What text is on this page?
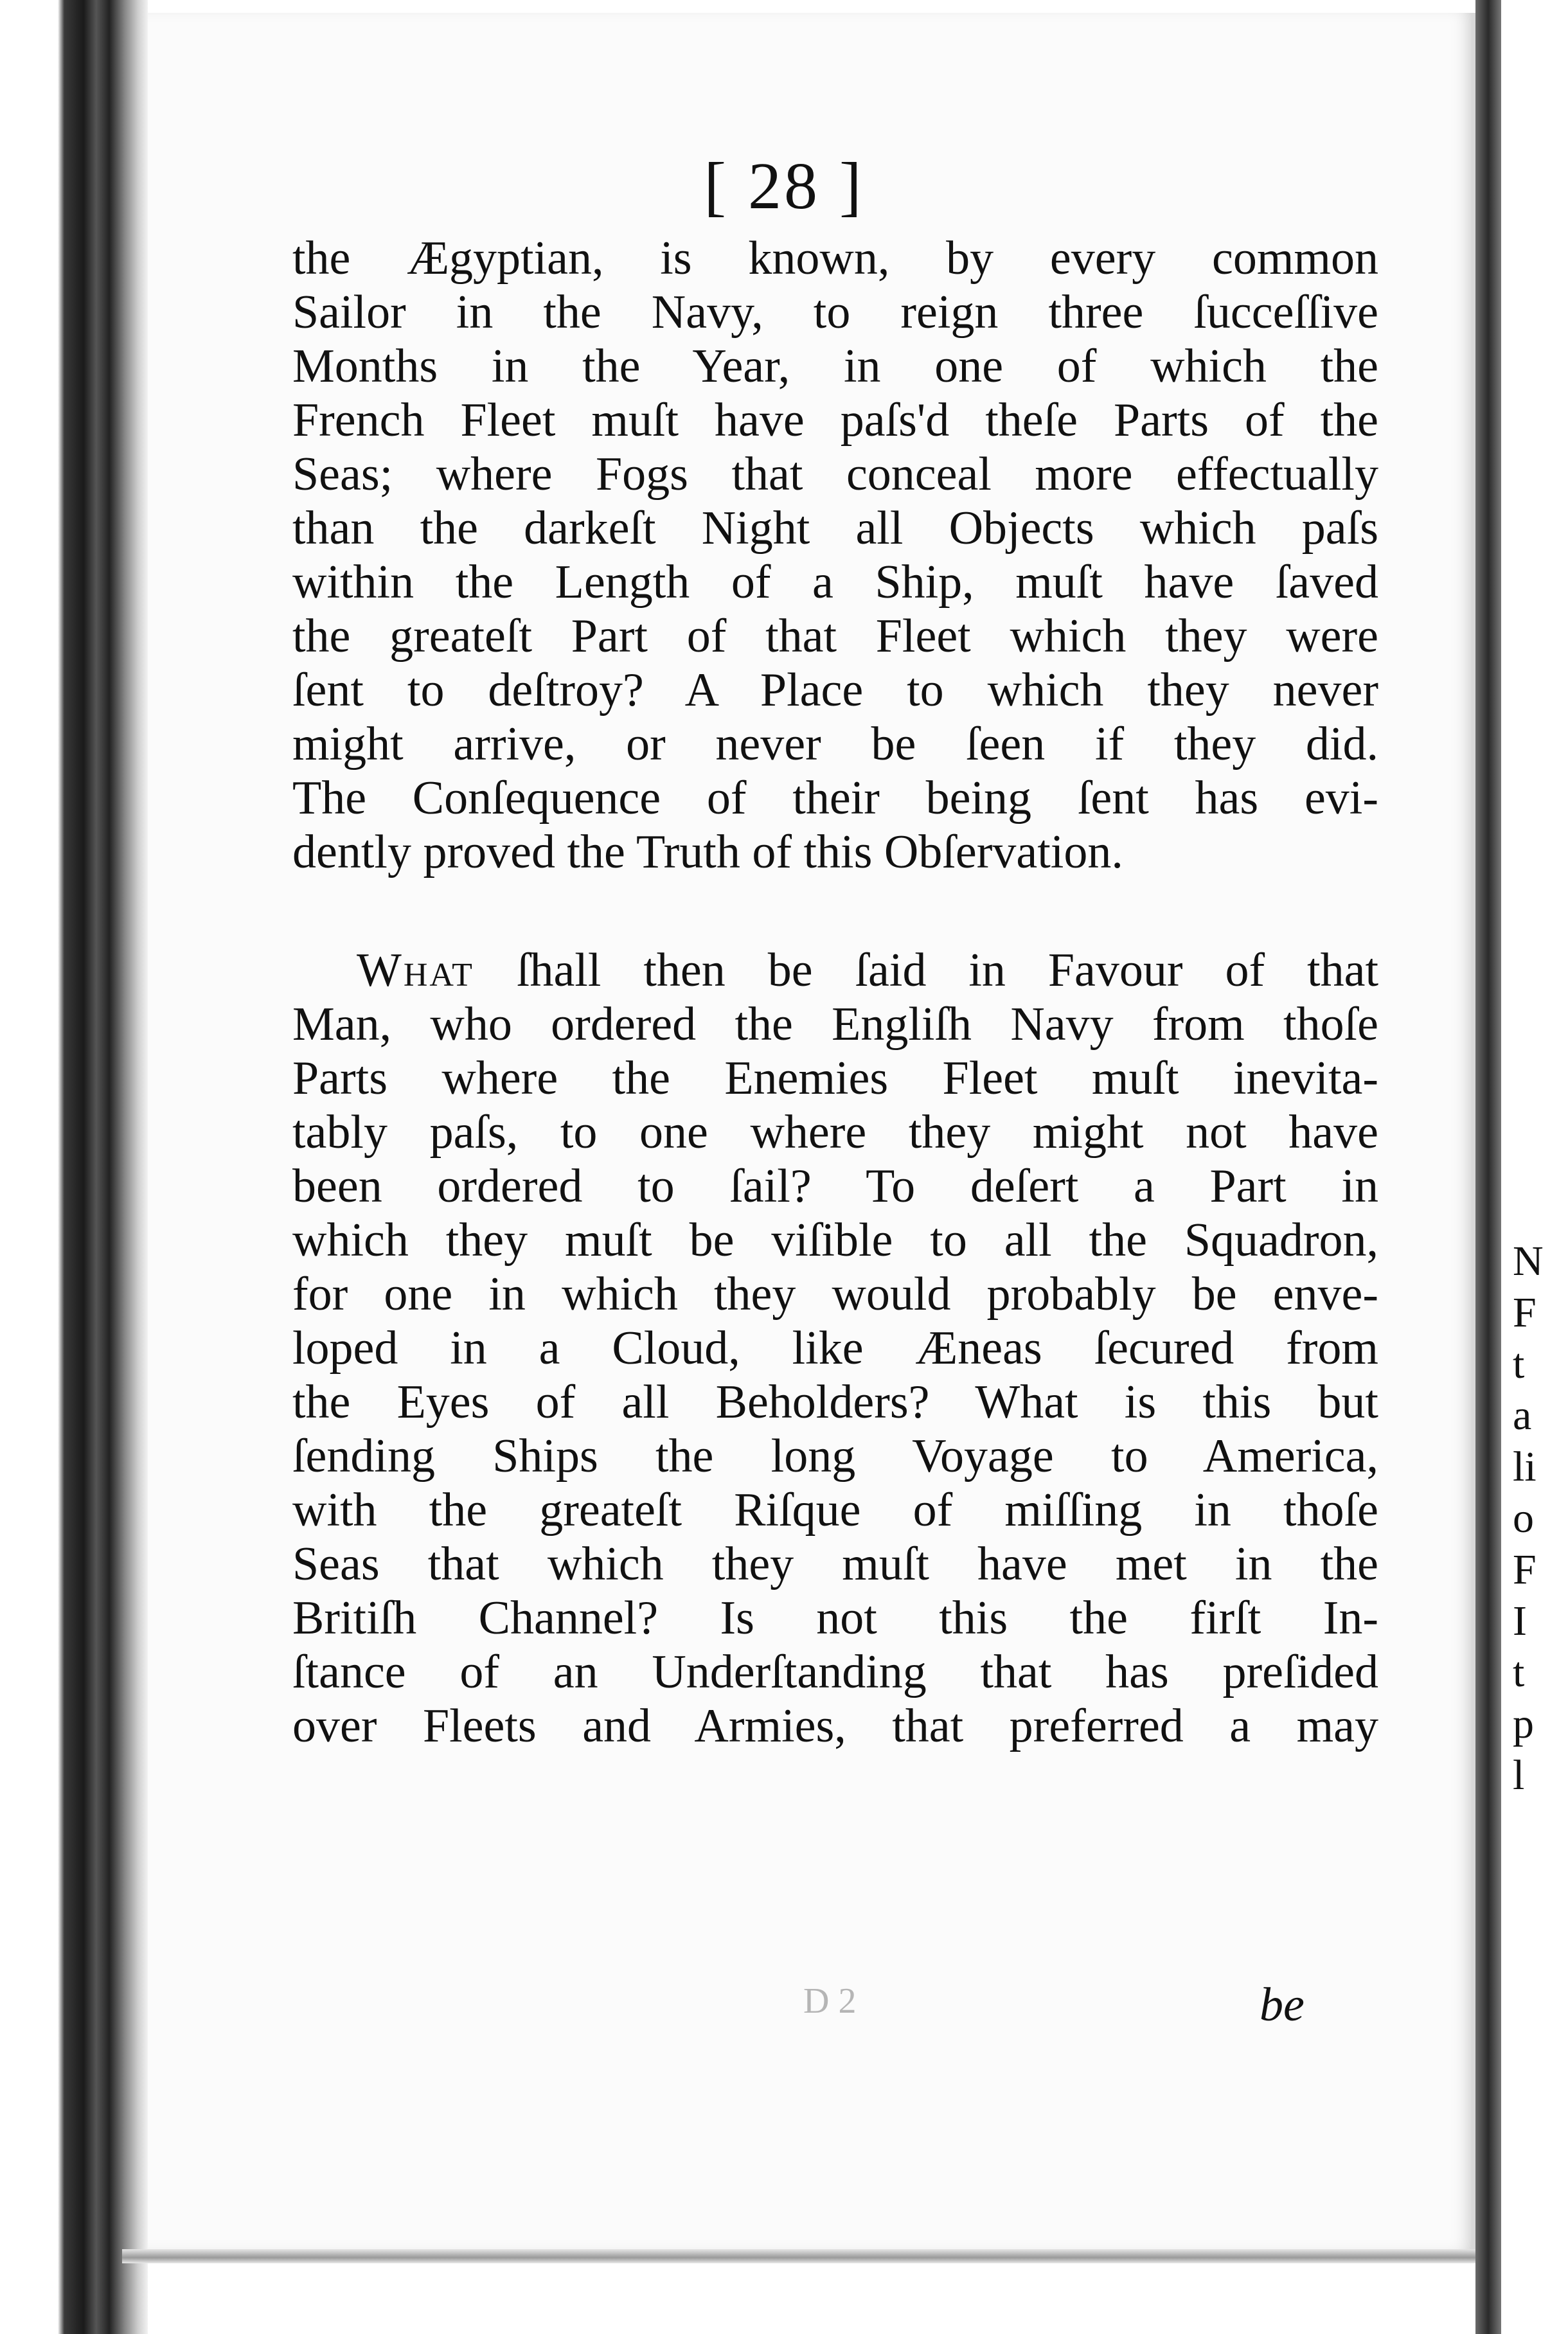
N
F
t
a
li
o
F
I
t
p
l
[ 28 ]
the Ægyptian, is known, by every common
Sailor in the Navy, to reign three ſucceſſive
Months in the Year, in one of which the
French Fleet muſt have paſs'd theſe Parts of the
Seas; where Fogs that conceal more effectually
than the darkeſt Night all Objects which paſs
within the Length of a Ship, muſt have ſaved
the greateſt Part of that Fleet which they were
ſent to deſtroy? A Place to which they never
might arrive, or never be ſeen if they did.
The Conſequence of their being ſent has evi-
dently proved the Truth of this Obſervation.
What ſhall then be ſaid in Favour of that
Man, who ordered the Engliſh Navy from thoſe
Parts where the Enemies Fleet muſt inevita-
tably paſs, to one where they might not have
been ordered to ſail? To deſert a Part in
which they muſt be viſible to all the Squadron,
for one in which they would probably be enve-
loped in a Cloud, like Æneas ſecured from
the Eyes of all Beholders? What is this but
ſending Ships the long Voyage to America,
with the greateſt Riſque of miſſing in thoſe
Seas that which they muſt have met in the
Britiſh Channel? Is not this the firſt In-
ſtance of an Underſtanding that has preſided
over Fleets and Armies, that preferred a may
D 2	be
